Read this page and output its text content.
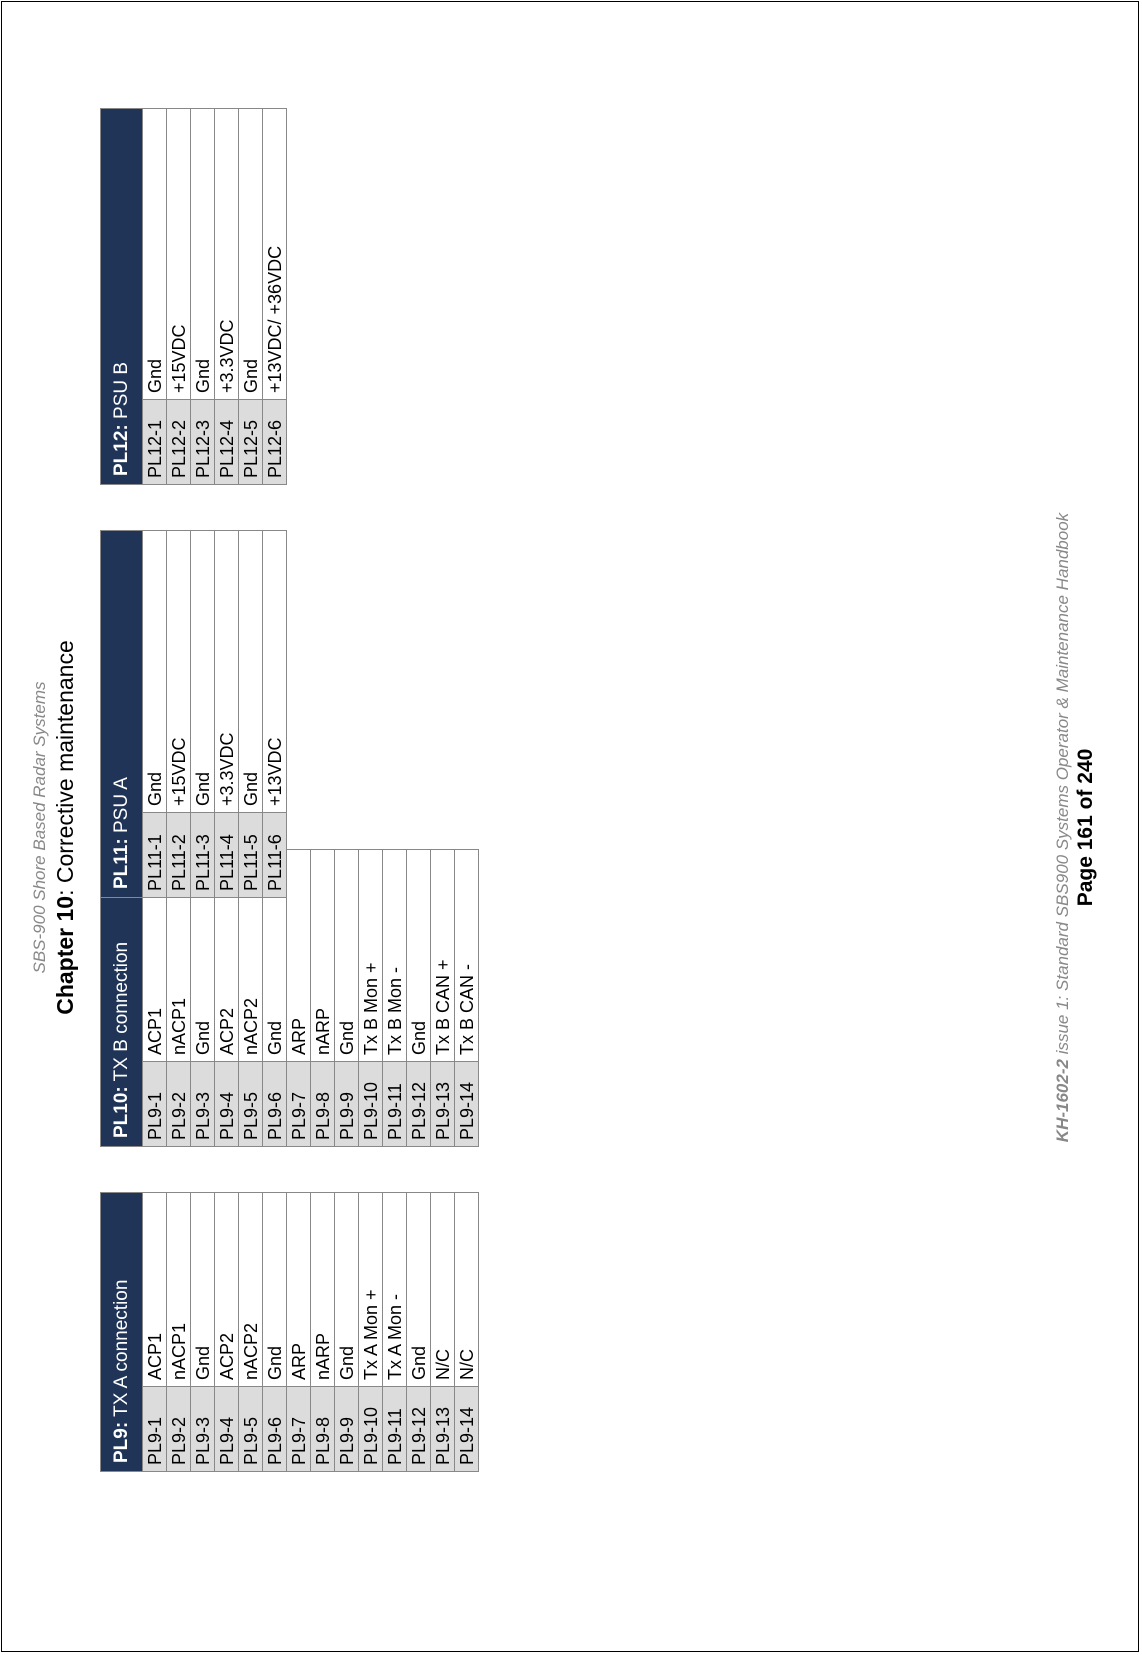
SBS-900 Shore Based Radar Systems Chapter 10: Corrective maintenance
PL9: TX A connection	
PL9-1	ACP1
PL9-2	nACP1
PL9-3	Gnd
PL9-4	ACP2
PL9-5	nACP2
PL9-6	Gnd
PL9-7	ARP
PL9-8	nARP
PL9-9	Gnd
PL9-10	Tx A Mon +
PL9-11	Tx A Mon -
PL9-12	Gnd
PL9-13	N/C
PL9-14	N/C
PL10: TX B connection	
PL9-1	ACP1
PL9-2	nACP1
PL9-3	Gnd
PL9-4	ACP2
PL9-5	nACP2
PL9-6	Gnd
PL9-7	ARP
PL9-8	nARP
PL9-9	Gnd
PL9-10	Tx B Mon +
PL9-11	Tx B Mon -
PL9-12	Gnd
PL9-13	Tx B CAN +
PL9-14	Tx B CAN -
PL11: PSU A	
PL11-1	Gnd
PL11-2	+15VDC
PL11-3	Gnd
PL11-4	+3.3VDC
PL11-5	Gnd
PL11-6	+13VDC
PL12: PSU B	
PL12-1	Gnd
PL12-2	+15VDC
PL12-3	Gnd
PL12-4	+3.3VDC
PL12-5	Gnd
PL12-6	+13VDC/ +36VDC
KH-1602-2 issue 1: Standard SBS900 Systems Operator & Maintenance Handbook Page 161 of 240
